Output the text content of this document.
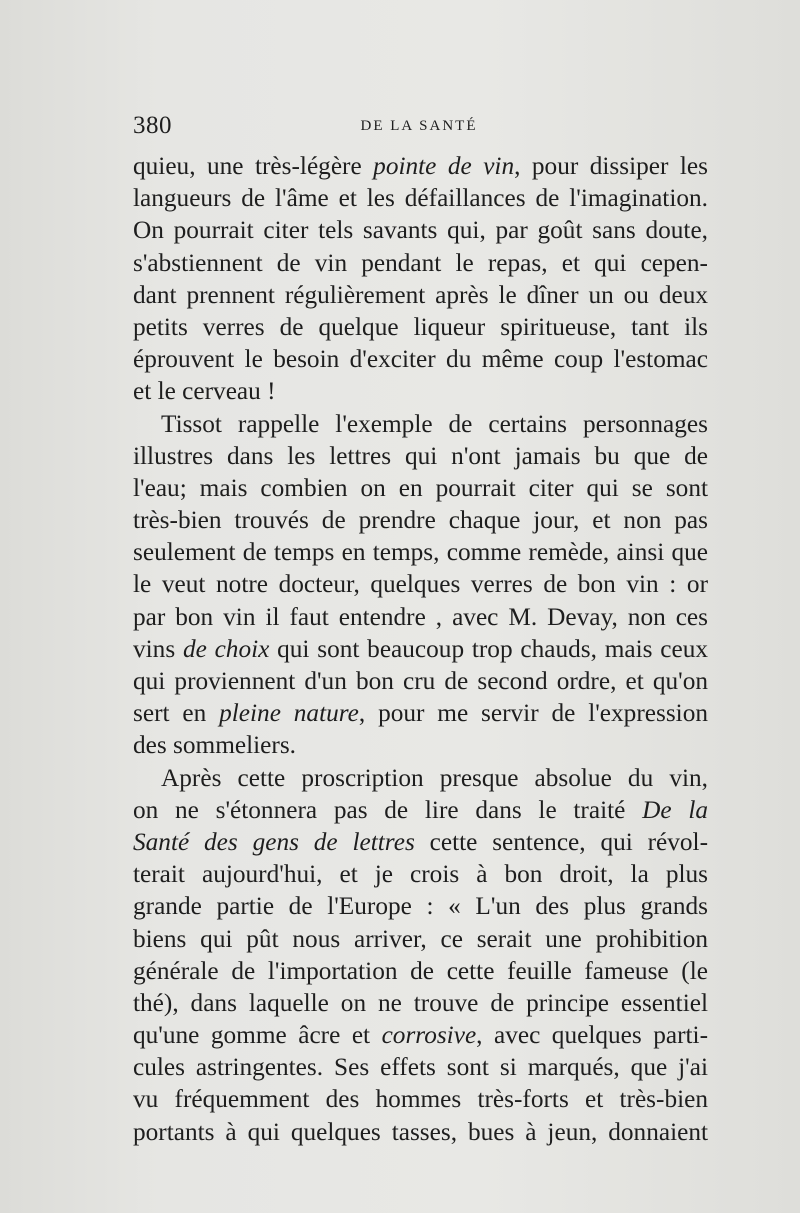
380	DE LA SANTÉ
quieu, une très-légère pointe de vin, pour dissiper les
langueurs de l'âme et les défaillances de l'imagination.
On pourrait citer tels savants qui, par goût sans doute,
s'abstiennent de vin pendant le repas, et qui cepen-
dant prennent régulièrement après le dîner un ou deux
petits verres de quelque liqueur spiritueuse, tant ils
éprouvent le besoin d'exciter du même coup l'estomac
et le cerveau !
Tissot rappelle l'exemple de certains personnages
illustres dans les lettres qui n'ont jamais bu que de
l'eau; mais combien on en pourrait citer qui se sont
très-bien trouvés de prendre chaque jour, et non pas
seulement de temps en temps, comme remède, ainsi que
le veut notre docteur, quelques verres de bon vin : or
par bon vin il faut entendre , avec M. Devay, non ces
vins de choix qui sont beaucoup trop chauds, mais ceux
qui proviennent d'un bon cru de second ordre, et qu'on
sert en pleine nature, pour me servir de l'expression
des sommeliers.
Après cette proscription presque absolue du vin,
on ne s'étonnera pas de lire dans le traité De la
Santé des gens de lettres cette sentence, qui révol-
terait aujourd'hui, et je crois à bon droit, la plus
grande partie de l'Europe : « L'un des plus grands
biens qui pût nous arriver, ce serait une prohibition
générale de l'importation de cette feuille fameuse (le
thé), dans laquelle on ne trouve de principe essentiel
qu'une gomme âcre et corrosive, avec quelques parti-
cules astringentes. Ses effets sont si marqués, que j'ai
vu fréquemment des hommes très-forts et très-bien
portants à qui quelques tasses, bues à jeun, donnaient
